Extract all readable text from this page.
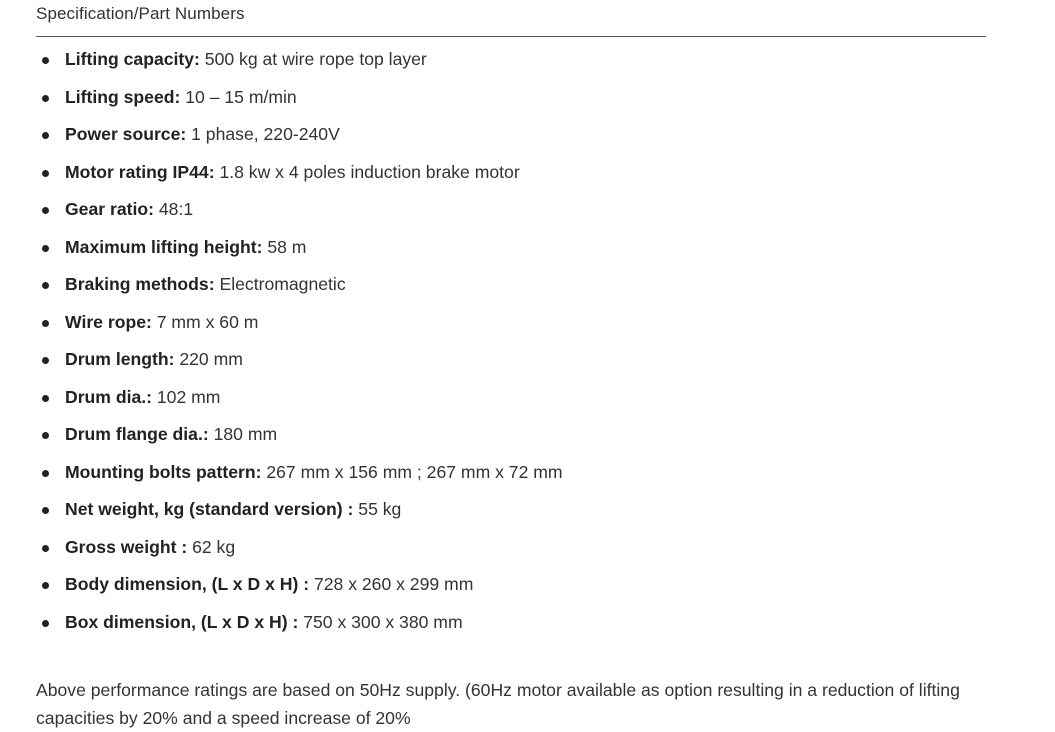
Specification/Part Numbers
Lifting capacity: 500 kg at wire rope top layer
Lifting speed: 10 – 15 m/min
Power source: 1 phase, 220-240V
Motor rating IP44: 1.8 kw x 4 poles induction brake motor
Gear ratio: 48:1
Maximum lifting height: 58 m
Braking methods: Electromagnetic
Wire rope: 7 mm x 60 m
Drum length: 220 mm
Drum dia.: 102 mm
Drum flange dia.: 180 mm
Mounting bolts pattern: 267 mm x 156 mm ; 267 mm x 72 mm
Net weight, kg (standard version) : 55 kg
Gross weight : 62 kg
Body dimension, (L x D x H) : 728 x 260 x 299 mm
Box dimension, (L x D x H) : 750 x 300 x 380 mm

Above performance ratings are based on 50Hz supply. (60Hz motor available as option resulting in a reduction of lifting capacities by 20% and a speed increase of 20%
